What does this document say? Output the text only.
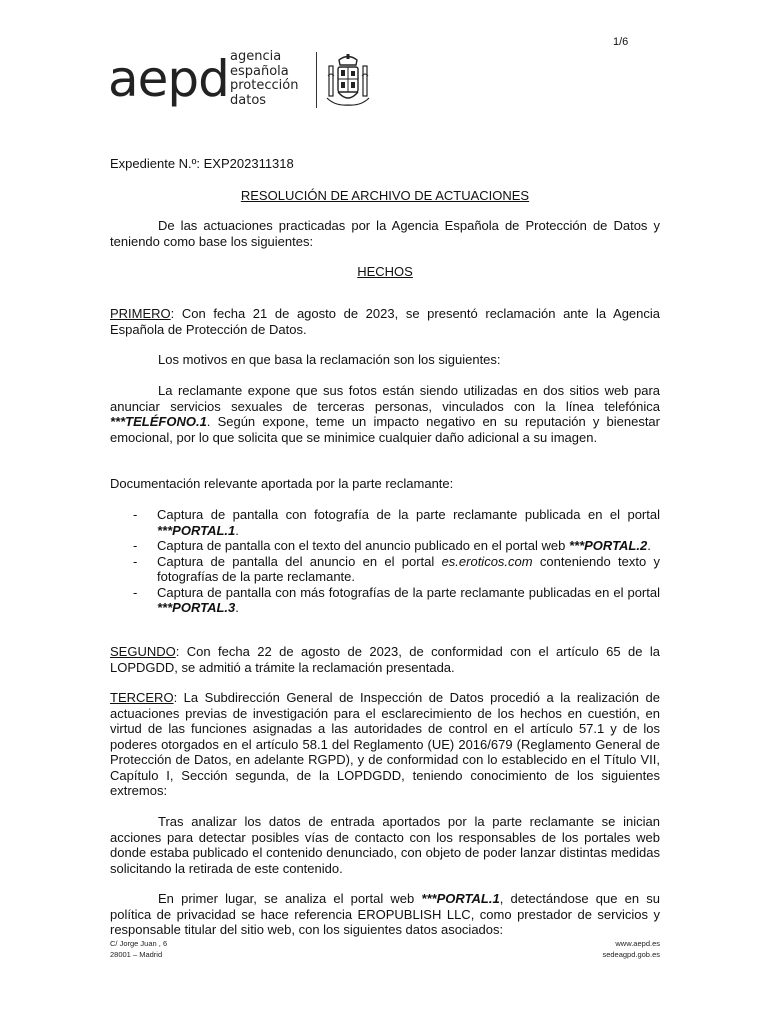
1/6
aepd agencia
española
protección
datos
Expediente N.º: EXP202311318
RESOLUCIÓN DE ARCHIVO DE ACTUACIONES

De las actuaciones practicadas por la Agencia Española de Protección de Datos y teniendo como base los siguientes:

HECHOS

PRIMERO: Con fecha 21 de agosto de 2023, se presentó reclamación ante la Agencia Española de Protección de Datos.

Los motivos en que basa la reclamación son los siguientes:

La reclamante expone que sus fotos están siendo utilizadas en dos sitios web para anunciar servicios sexuales de terceras personas, vinculados con la línea telefónica ***TELÉFONO.1. Según expone, teme un impacto negativo en su reputación y bienestar emocional, por lo que solicita que se minimice cualquier daño adicional a su imagen.

Documentación relevante aportada por la parte reclamante:

- Captura de pantalla con fotografía de la parte reclamante publicada en el portal ***PORTAL.1.
- Captura de pantalla con el texto del anuncio publicado en el portal web ***PORTAL.2.
- Captura de pantalla del anuncio en el portal es.eroticos.com conteniendo texto y fotografías de la parte reclamante.
- Captura de pantalla con más fotografías de la parte reclamante publicadas en el portal ***PORTAL.3.

SEGUNDO: Con fecha 22 de agosto de 2023, de conformidad con el artículo 65 de la LOPDGDD, se admitió a trámite la reclamación presentada.

TERCERO: La Subdirección General de Inspección de Datos procedió a la realización de actuaciones previas de investigación para el esclarecimiento de los hechos en cuestión, en virtud de las funciones asignadas a las autoridades de control en el artículo 57.1 y de los poderes otorgados en el artículo 58.1 del Reglamento (UE) 2016/679 (Reglamento General de Protección de Datos, en adelante RGPD), y de conformidad con lo establecido en el Título VII, Capítulo I, Sección segunda, de la LOPDGDD, teniendo conocimiento de los siguientes extremos:

Tras analizar los datos de entrada aportados por la parte reclamante se inician acciones para detectar posibles vías de contacto con los responsables de los portales web donde estaba publicado el contenido denunciado, con objeto de poder lanzar distintas medidas solicitando la retirada de este contenido.

En primer lugar, se analiza el portal web ***PORTAL.1, detectándose que en su política de privacidad se hace referencia EROPUBLISH LLC, como prestador de servicios y responsable titular del sitio web, con los siguientes datos asociados:

C/ Jorge Juan , 6
28001 – Madrid
www.aepd.es
sedeagpd.gob.es
